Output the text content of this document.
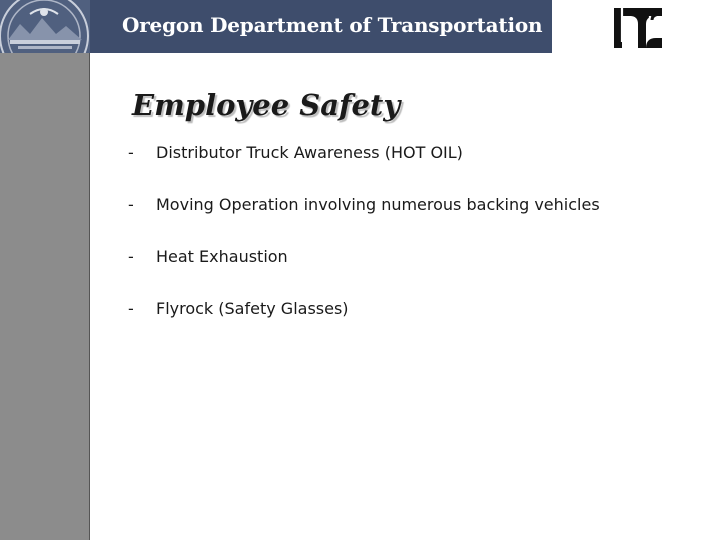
Oregon Department of Transportation
Employee Safety
- Distributor Truck Awareness (HOT OIL)
- Moving Operation involving numerous backing vehicles
- Heat Exhaustion
- Flyrock (Safety Glasses)
